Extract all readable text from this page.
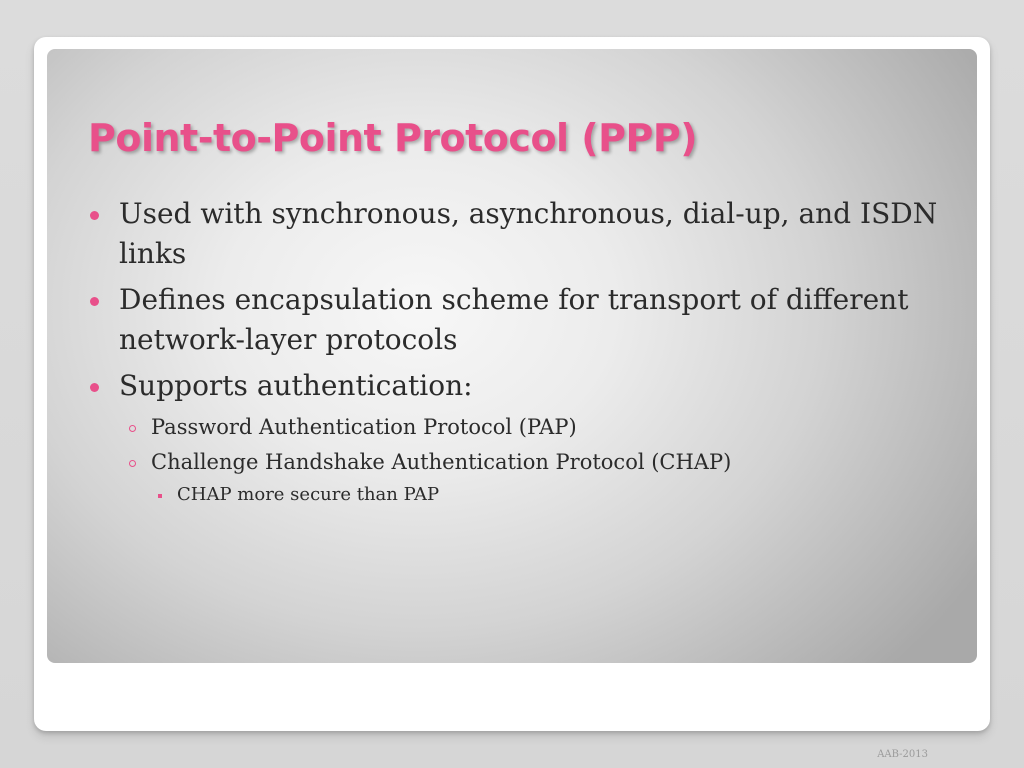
Point-to-Point Protocol (PPP)
Used with synchronous, asynchronous, dial-up, and ISDN links
Defines encapsulation scheme for transport of different network-layer protocols
Supports authentication:
Password Authentication Protocol (PAP)
Challenge Handshake Authentication Protocol (CHAP)
CHAP more secure than PAP
AAB-2013
